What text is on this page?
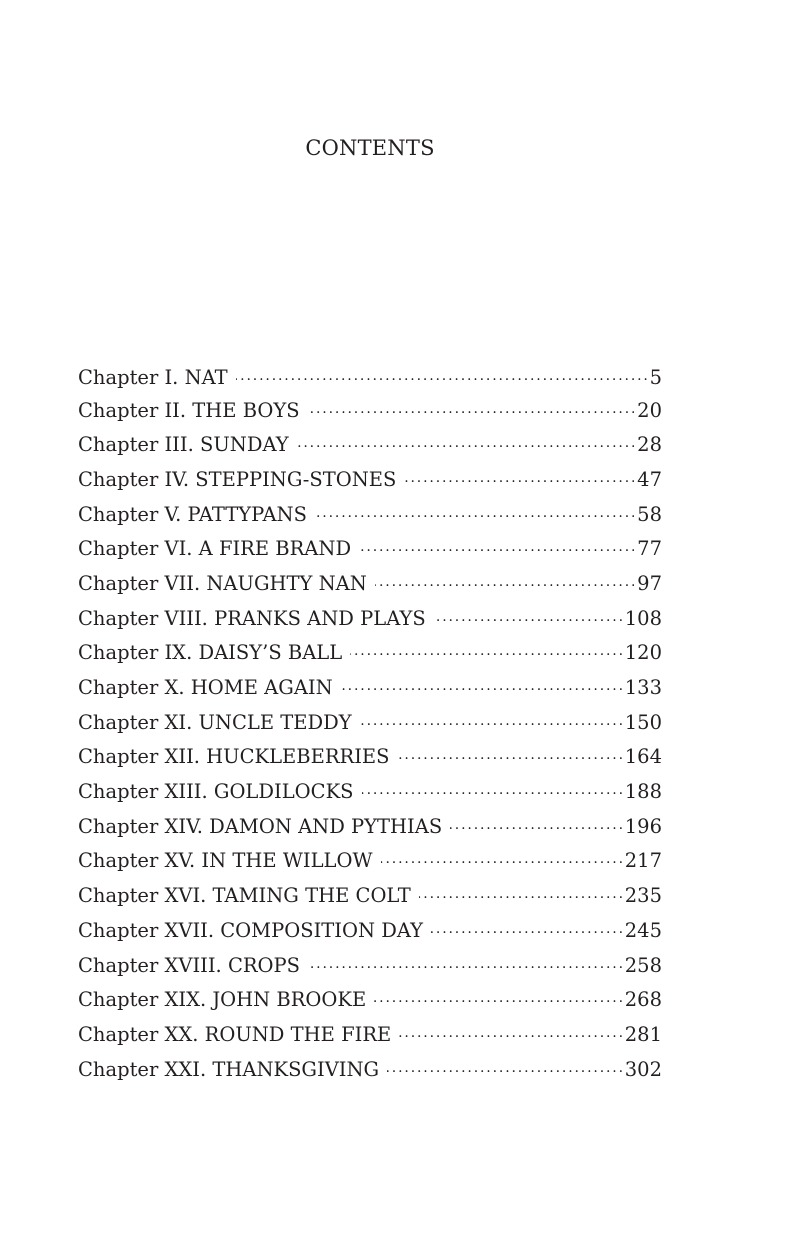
CONTENTS
Chapter I. NAT . . .	5
Chapter II. THE BOYS . . .	20
Chapter III. SUNDAY . . .	28
Chapter IV. STEPPING-STONES . . .	47
Chapter V. PATTYPANS . . .	58
Chapter VI. A FIRE BRAND . . .	77
Chapter VII. NAUGHTY NAN . . .	97
Chapter VIII. PRANKS AND PLAYS . . .	108
Chapter IX. DAISY’S BALL . . .	120
Chapter X. HOME AGAIN . . .	133
Chapter XI. UNCLE TEDDY . . .	150
Chapter XII. HUCKLEBERRIES . . .	164
Chapter XIII. GOLDILOCKS . . .	188
Chapter XIV. DAMON AND PYTHIAS . . .	196
Chapter XV. IN THE WILLOW . . .	217
Chapter XVI. TAMING THE COLT . . .	235
Chapter XVII. COMPOSITION DAY . . .	245
Chapter XVIII. CROPS . . .	258
Chapter XIX. JOHN BROOKE . . .	268
Chapter XX. ROUND THE FIRE . . .	281
Chapter XXI. THANKSGIVING . . .	302
